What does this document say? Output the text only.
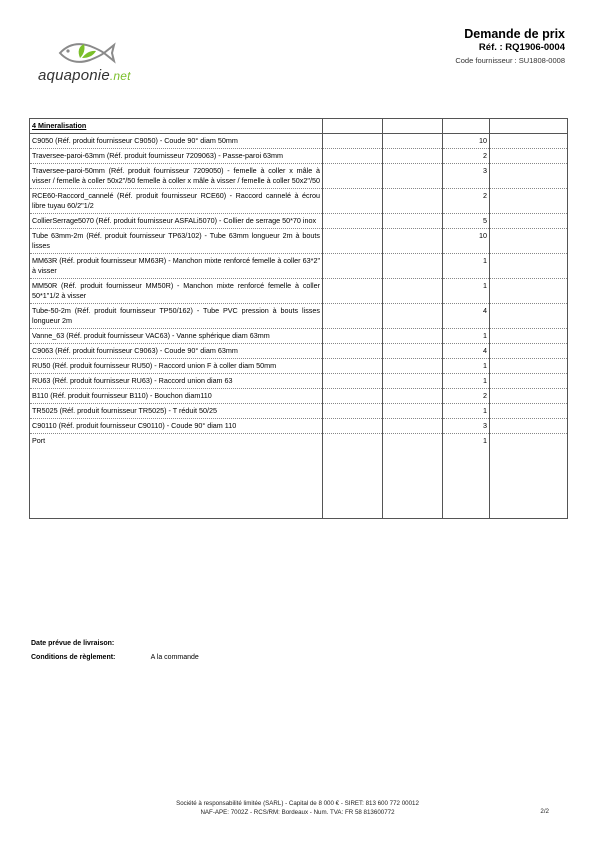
aquaponie.net
Demande de prix
Réf. : RQ1906-0004
Code fournisseur : SU1808-0008
4 Mineralisation				
C9050 (Réf. produit fournisseur C9050) - Coude 90° diam 50mm			10	
Traversee-paroi-63mm (Réf. produit fournisseur 7209063) - Passe-paroi 63mm			2	
Traversee-paroi-50mm (Réf. produit fournisseur 7209050) - femelle à coller x mâle à visser / femelle à coller 50x2"/50 femelle à coller x mâle à visser / femelle à coller 50x2"/50			3	
RCE60-Raccord_cannelé (Réf. produit fournisseur RCE60) - Raccord cannelé à écrou libre tuyau 60/2"1/2			2	
CollierSerrage5070 (Réf. produit fournisseur ASFALi5070) - Collier de serrage 50*70 inox			5	
Tube 63mm-2m (Réf. produit fournisseur TP63/102) - Tube 63mm longueur 2m à bouts lisses			10	
MM63R (Réf. produit fournisseur MM63R) - Manchon mixte renforcé femelle à coller 63*2" à visser			1	
MM50R (Réf. produit fournisseur MM50R) - Manchon mixte renforcé femelle à coller 50*1"1/2 à visser			1	
Tube-50-2m (Réf. produit fournisseur TP50/162) - Tube PVC pression à bouts lisses longueur 2m			4	
Vanne_63 (Réf. produit fournisseur VAC63) - Vanne sphérique diam 63mm			1	
C9063 (Réf. produit fournisseur C9063) - Coude 90° diam 63mm			4	
RU50 (Réf. produit fournisseur RU50) - Raccord union F à coller diam 50mm			1	
RU63 (Réf. produit fournisseur RU63) - Raccord union diam 63			1	
B110 (Réf. produit fournisseur B110) - Bouchon diam110			2	
TR5025 (Réf. produit fournisseur TR5025) - T réduit 50/25			1	
C90110 (Réf. produit fournisseur C90110) - Coude 90° diam 110			3	
Port			1	
Date prévue de livraison:
Conditions de règlement:	A la commande
Société à responsabilité limitée (SARL) - Capital de 8 000 € - SIRET: 813 600 772 00012
NAF-APE: 7002Z - RCS/RM: Bordeaux - Num. TVA: FR 58 813600772	2/2
